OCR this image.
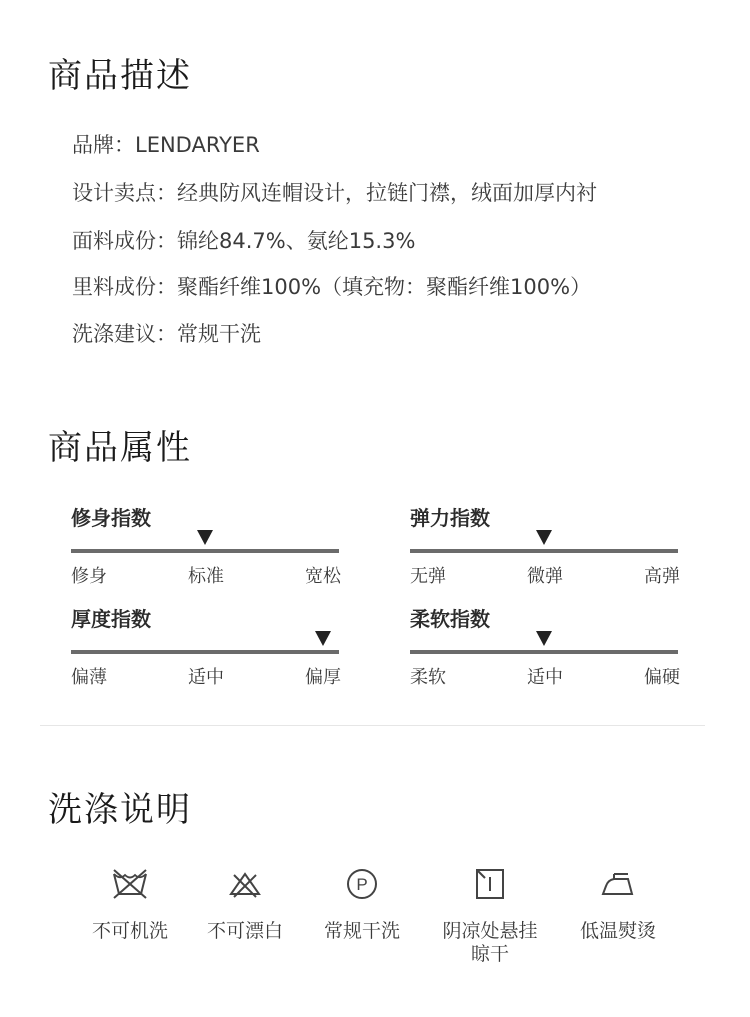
商品描述
品牌：LENDARYER
设计卖点：经典防风连帽设计，拉链门襟，绒面加厚内衬
面料成份：锦纶84.7%、氨纶15.3%
里料成份：聚酯纤维100%（填充物：聚酯纤维100%）
洗涤建议：常规干洗
商品属性
修身指数
修身	标准	宽松
弹力指数
无弹	微弹	高弹
厚度指数
偏薄	适中	偏厚
柔软指数
柔软	适中	偏硬
洗涤说明
不可机洗	不可漂白
P
常规干洗	阴凉处悬挂晾干
低温熨烫
